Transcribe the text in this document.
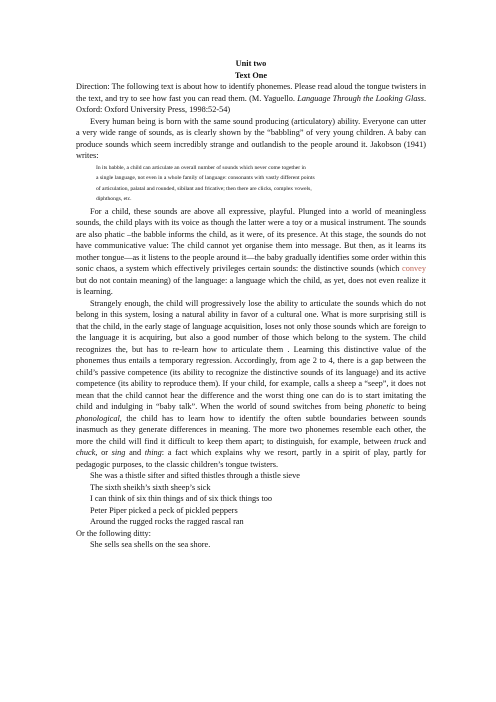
Unit two
Text One

Direction: The following text is about how to identify phonemes. Please read aloud the tongue twisters in the text, and try to see how fast you can read them. (M. Yaguello. Language Through the Looking Glass. Oxford: Oxford University Press, 1998:52-54)

Every human being is born with the same sound producing (articulatory) ability. Everyone can utter a very wide range of sounds, as is clearly shown by the “babbling” of very young children. A baby can produce sounds which seem incredibly strange and outlandish to the people around it. Jakobson (1941) writes:

In its babble, a child can articulate an overall number of sounds which never come together in
a single language, not even in a whole family of language: consonants with vastly different points
of articulation, palatal and rounded, sibilant and fricative; then there are clicks, complex vowels,
diphthongs, etc.

For a child, these sounds are above all expressive, playful. Plunged into a world of meaningless sounds, the child plays with its voice as though the latter were a toy or a musical instrument. The sounds are also phatic –the babble informs the child, as it were, of its presence. At this stage, the sounds do not have communicative value: The child cannot yet organise them into message. But then, as it learns its mother tongue—as it listens to the people around it—the baby gradually identifies some order within this sonic chaos, a system which effectively privileges certain sounds: the distinctive sounds (which convey but do not contain meaning) of the language: a language which the child, as yet, does not even realize it is learning.

Strangely enough, the child will progressively lose the ability to articulate the sounds which do not belong in this system, losing a natural ability in favor of a cultural one. What is more surprising still is that the child, in the early stage of language acquisition, loses not only those sounds which are foreign to the language it is acquiring, but also a good number of those which belong to the system. The child recognizes the, but has to re-learn how to articulate them . Learning this distinctive value of the phonemes thus entails a temporary regression. Accordingly, from age 2 to 4, there is a gap between the child’s passive competence (its ability to recognize the distinctive sounds of its language) and its active competence (its ability to reproduce them). If your child, for example, calls a sheep a “seep”, it does not mean that the child cannot hear the difference and the worst thing one can do is to start imitating the child and indulging in “baby talk”. When the world of sound switches from being phonetic to being phonological, the child has to learn how to identify the often subtle boundaries between sounds inasmuch as they generate differences in meaning. The more two phonemes resemble each other, the more the child will find it difficult to keep them apart; to distinguish, for example, between truck and chuck, or sing and thing: a fact which explains why we resort, partly in a spirit of play, partly for pedagogic purposes, to the classic children’s tongue twisters.

She was a thistle sifter and sifted thistles through a thistle sieve
The sixth sheikh’s sixth sheep’s sick
I can think of six thin things and of six thick things too
Peter Piper picked a peck of pickled peppers
Around the rugged rocks the ragged rascal ran
Or the following ditty:
She sells sea shells on the sea shore.
